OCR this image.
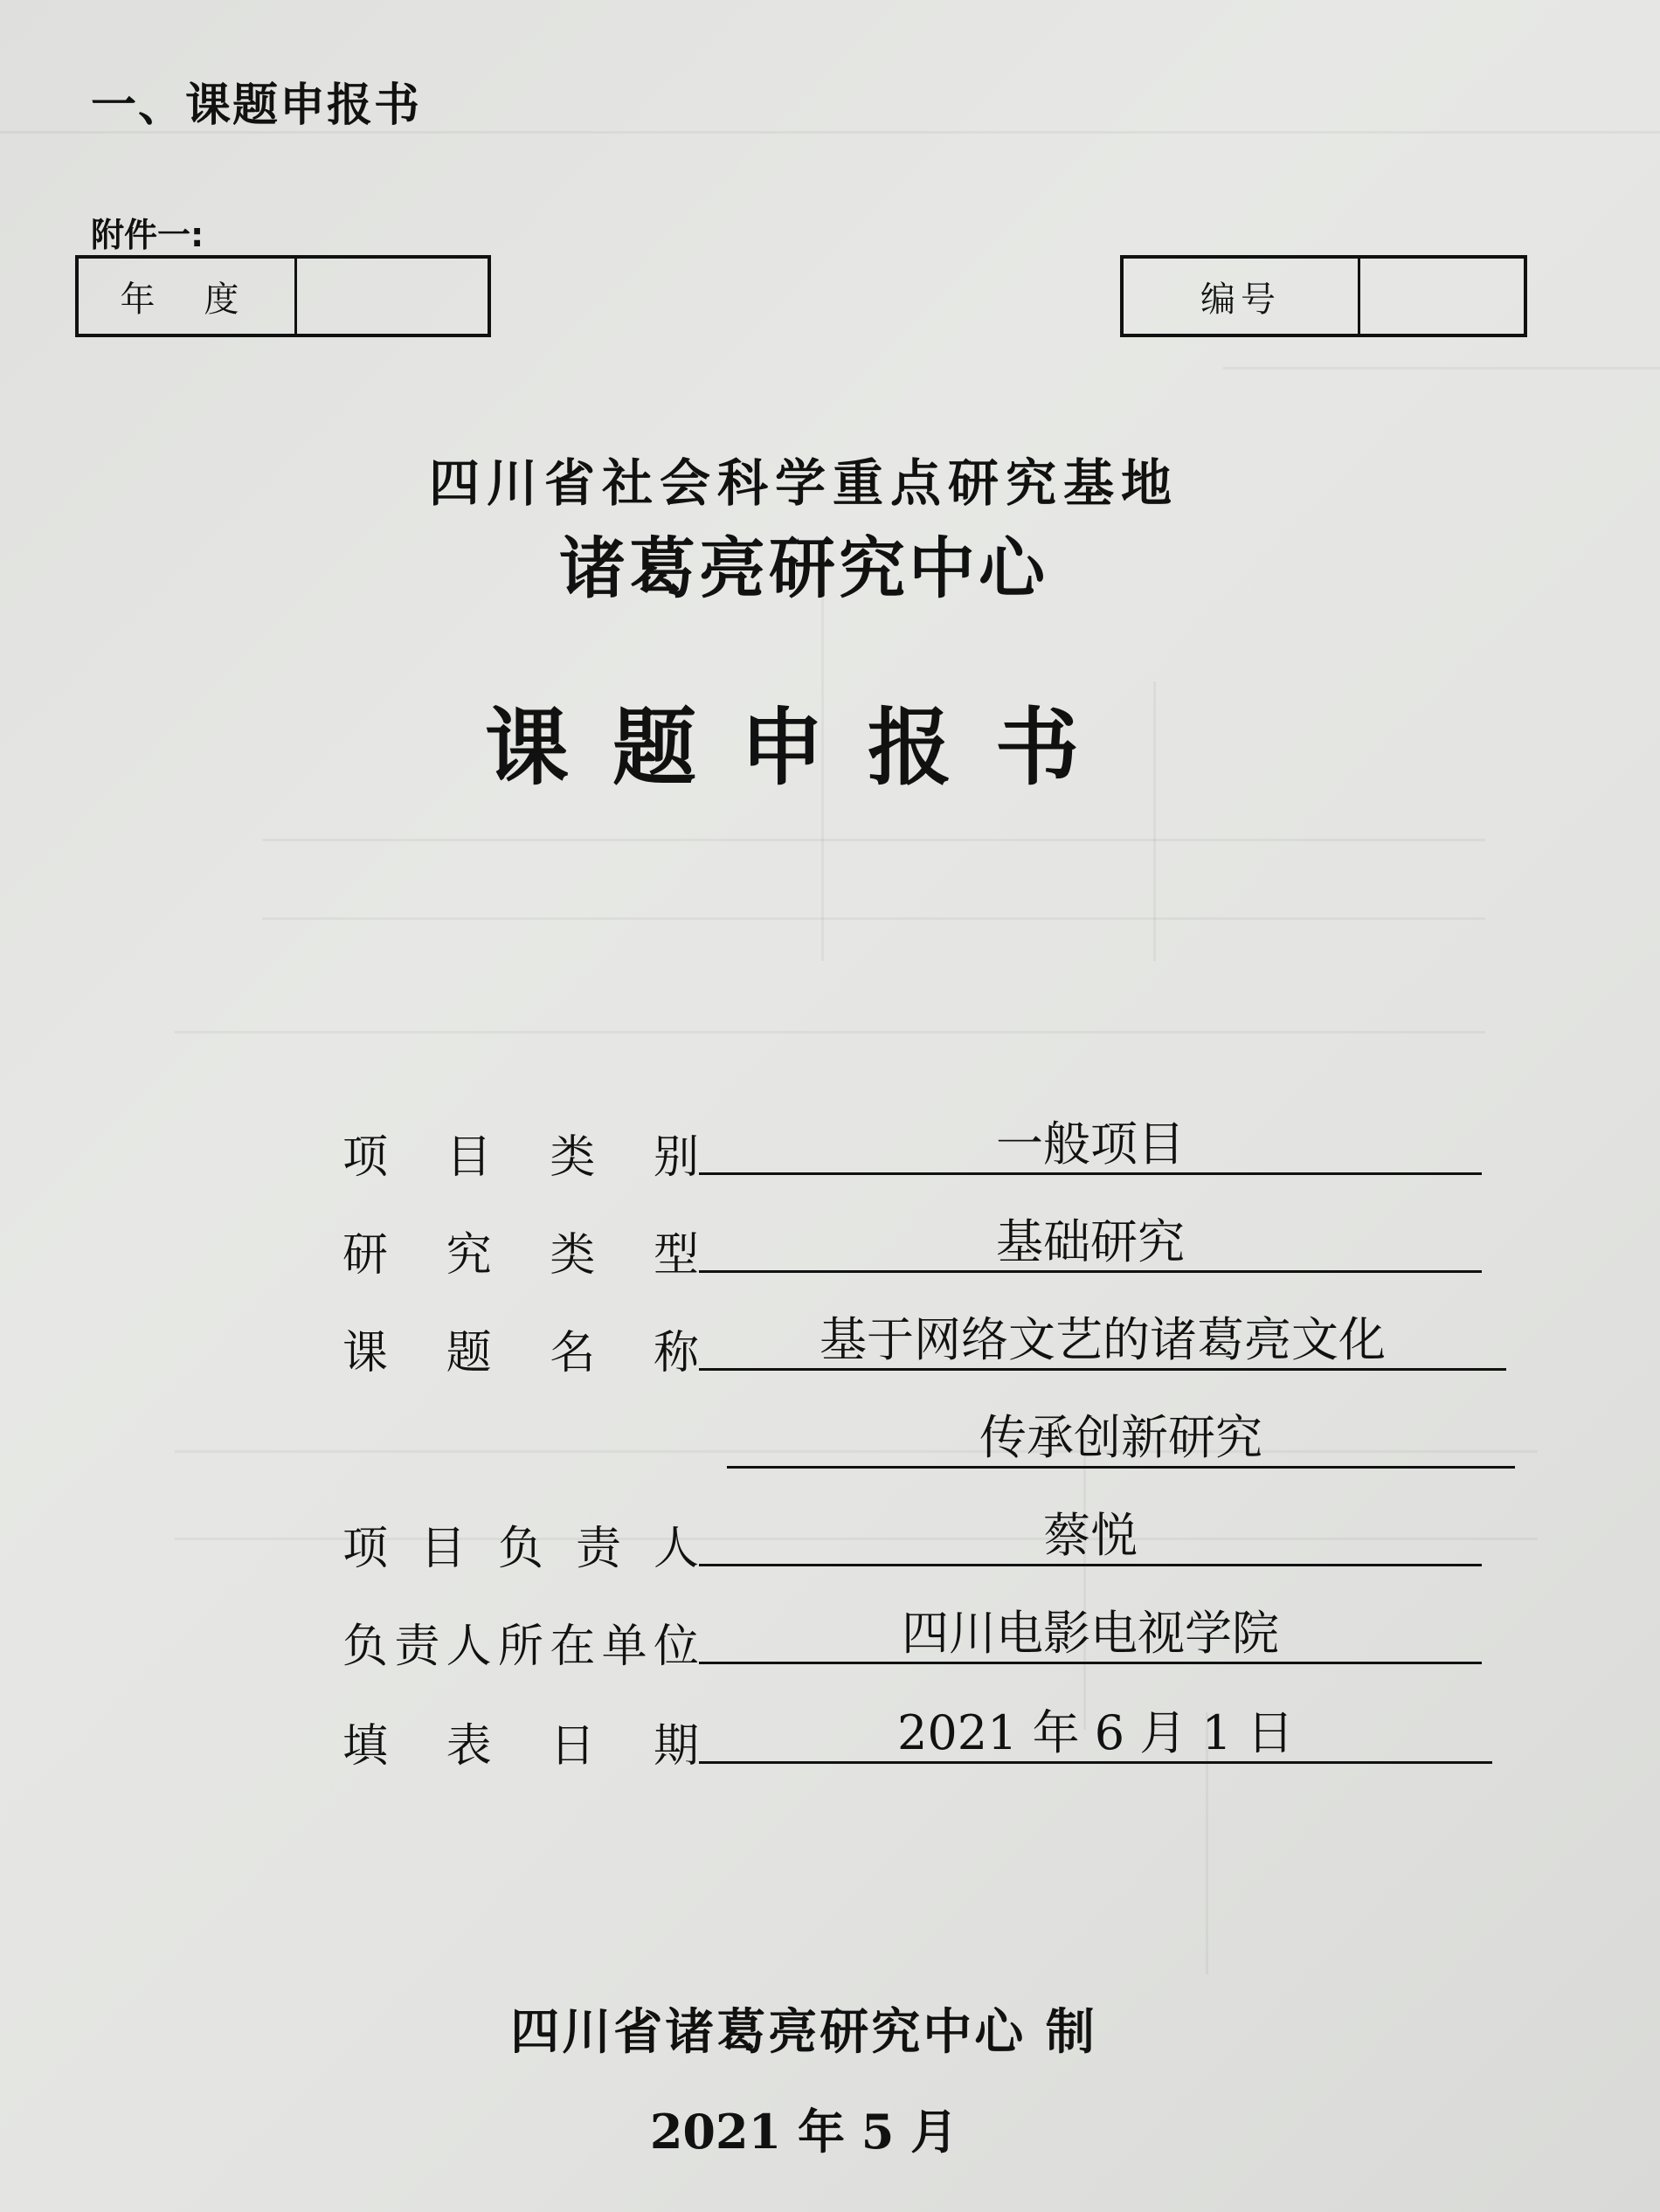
一、课题申报书
附件一:
年度	编号
四川省社会科学重点研究基地
诸葛亮研究中心
课题申报书
项 目 类 别	一般项目
研 究 类 型	基础研究
课 题 名 称	基于网络文艺的诸葛亮文化
传承创新研究
项 目 负 责 人	蔡悦
负 责 人 所 在 单 位	四川电影电视学院
填 表 日 期	2021 年 6 月 1 日
四川省诸葛亮研究中心 制
2021 年 5 月
